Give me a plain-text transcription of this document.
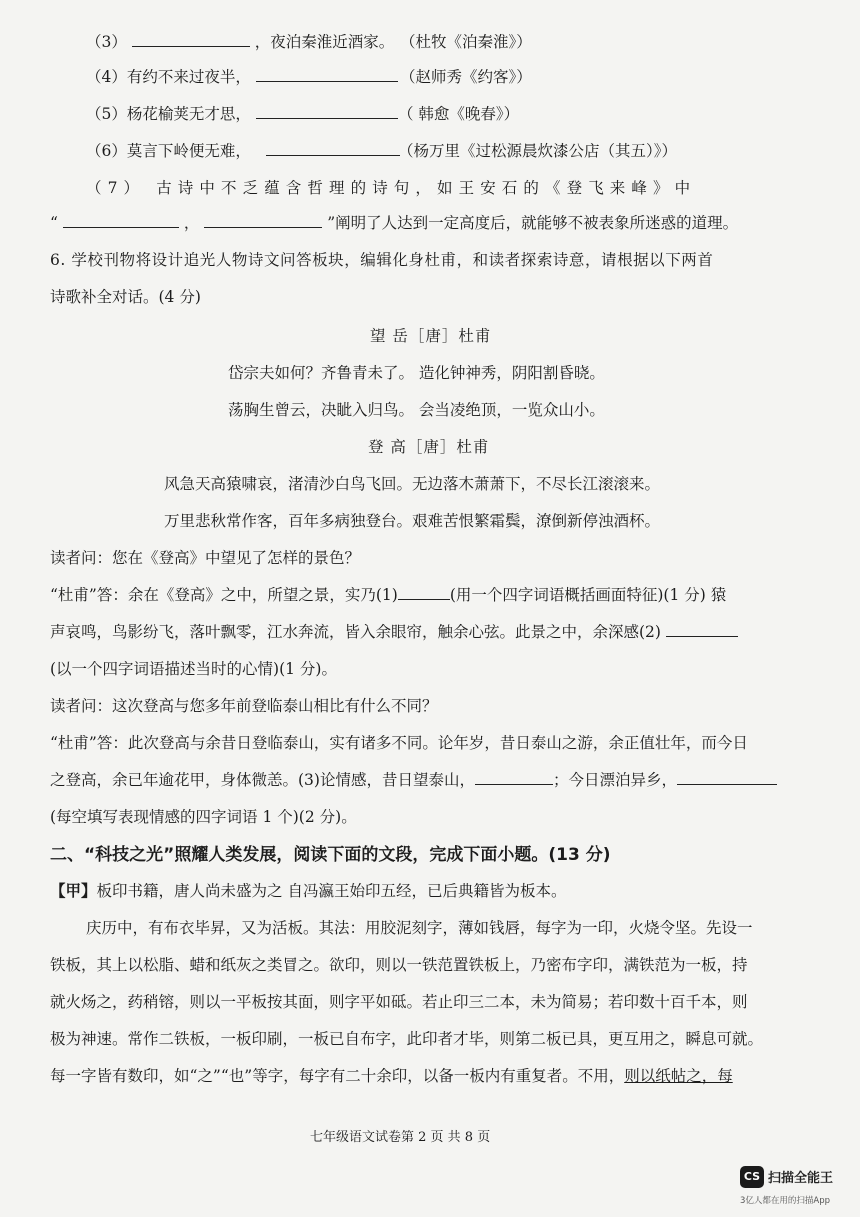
（3）	，夜泊秦淮近酒家。 （杜牧《泊秦淮》）
（4）有约不来过夜半，	（赵师秀《约客》）
（5）杨花榆荚无才思，	（ 韩愈《晚春》）
（6）莫言下岭便无难，	（杨万里《过松源晨炊漆公店（其五）》）
（7） 古诗中不乏蕴含哲理的诗句，如王安石的《登飞来峰》中
“	，	”阐明了人达到一定高度后，就能够不被表象所迷惑的道理。
6. 学校刊物将设计追光人物诗文问答板块，编辑化身杜甫，和读者探索诗意，请根据以下两首
诗歌补全对话。(4 分)
望 岳［唐］杜甫
岱宗夫如何？齐鲁青未了。 造化钟神秀，阴阳割昏晓。
荡胸生曾云，决眦入归鸟。 会当凌绝顶，一览众山小。
登 高［唐］杜甫
风急天高猿啸哀，渚清沙白鸟飞回。无边落木萧萧下，不尽长江滚滚来。
万里悲秋常作客，百年多病独登台。艰难苦恨繁霜鬓，潦倒新停浊酒杯。
读者问：您在《登高》中望见了怎样的景色？
“杜甫”答：余在《登高》之中，所望之景，实乃(1)	(用一个四字词语概括画面特征)(1 分) 猿
声哀鸣，鸟影纷飞，落叶飘零，江水奔流，皆入余眼帘，触余心弦。此景之中，余深感(2)
(以一个四字词语描述当时的心情)(1 分)。
读者问：这次登高与您多年前登临泰山相比有什么不同？
“杜甫”答：此次登高与余昔日登临泰山，实有诸多不同。论年岁，昔日泰山之游，余正值壮年，而今日
之登高，余已年逾花甲，身体微恙。(3)论情感，昔日望泰山，	；今日漂泊异乡，
(每空填写表现情感的四字词语 1 个)(2 分)。
二、“科技之光”照耀人类发展，阅读下面的文段，完成下面小题。(13 分)
【甲】板印书籍，唐人尚未盛为之 自冯瀛王始印五经，已后典籍皆为板本。
庆历中，有布衣毕昇，又为活板。其法：用胶泥刻字，薄如钱唇，每字为一印，火烧令坚。先设一
铁板，其上以松脂、蜡和纸灰之类冒之。欲印，则以一铁范置铁板上，乃密布字印，满铁范为一板，持
就火炀之，药稍镕，则以一平板按其面，则字平如砥。若止印三二本，未为简易；若印数十百千本，则
极为神速。常作二铁板，一板印刷，一板已自布字，此印者才毕，则第二板已具，更互用之，瞬息可就。
每一字皆有数印，如“之”“也”等字，每字有二十余印，以备一板内有重复者。不用，则以纸帖之，每
七年级语文试卷第 2 页 共 8 页
CS 扫描全能王
3亿人都在用的扫描App
